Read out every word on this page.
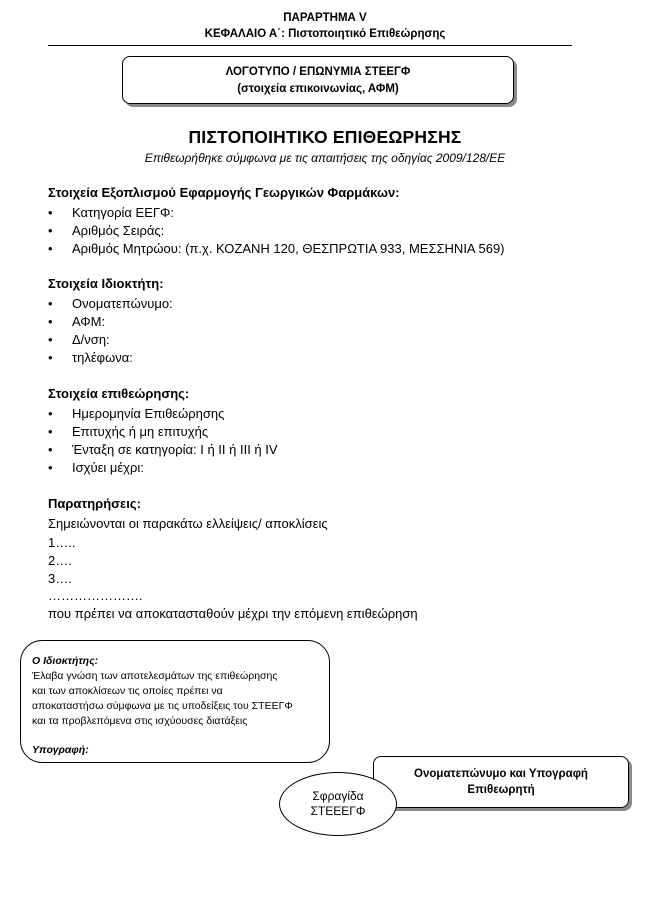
ΠΑΡΑΡΤΗΜΑ V
ΚΕΦΑΛΑΙΟ Α΄: Πιστοποιητικό Επιθεώρησης
ΛΟΓΟΤΥΠΟ / ΕΠΩΝΥΜΙΑ ΣΤΕΕΓΦ
(στοιχεία επικοινωνίας, ΑΦΜ)
ΠΙΣΤΟΠΟΙΗΤΙΚΟ ΕΠΙΘΕΩΡΗΣΗΣ
Επιθεωρήθηκε σύμφωνα με τις απαιτήσεις της οδηγίας 2009/128/ΕΕ
Στοιχεία Εξοπλισμού Εφαρμογής Γεωργικών Φαρμάκων:
• Κατηγορία ΕΕΓΦ:
• Αριθμός Σειράς:
• Αριθμός Μητρώου: (π.χ. ΚΟΖΑΝΗ 120, ΘΕΣΠΡΩΤΙΑ 933, ΜΕΣΣΗΝΙΑ 569)
Στοιχεία Ιδιοκτήτη:
• Ονοματεπώνυμο:
• ΑΦΜ:
• Δ/νση:
• τηλέφωνα:
Στοιχεία επιθεώρησης:
• Ημερομηνία Επιθεώρησης
• Επιτυχής ή μη επιτυχής
• Ένταξη σε κατηγορία: Ι ή ΙΙ ή ΙΙΙ ή IV
• Ισχύει μέχρι:
Παρατηρήσεις:
Σημειώνονται οι παρακάτω ελλείψεις/ αποκλίσεις
1…..
2….
3….
………………….
που πρέπει να αποκατασταθούν μέχρι την επόμενη επιθεώρηση
Ο Ιδιοκτήτης:
Έλαβα γνώση των αποτελεσμάτων της επιθεώρησης
και των αποκλίσεων τις οποίες πρέπει να
αποκαταστήσω σύμφωνα με τις υποδείξεις του ΣΤΕΕΓΦ
και τα προβλεπόμενα στις ισχύουσες διατάξεις
Υπογραφή:
Ονοματεπώνυμο και Υπογραφή
Επιθεωρητή
Σφραγίδα
ΣΤΕΕΕΓΦ
